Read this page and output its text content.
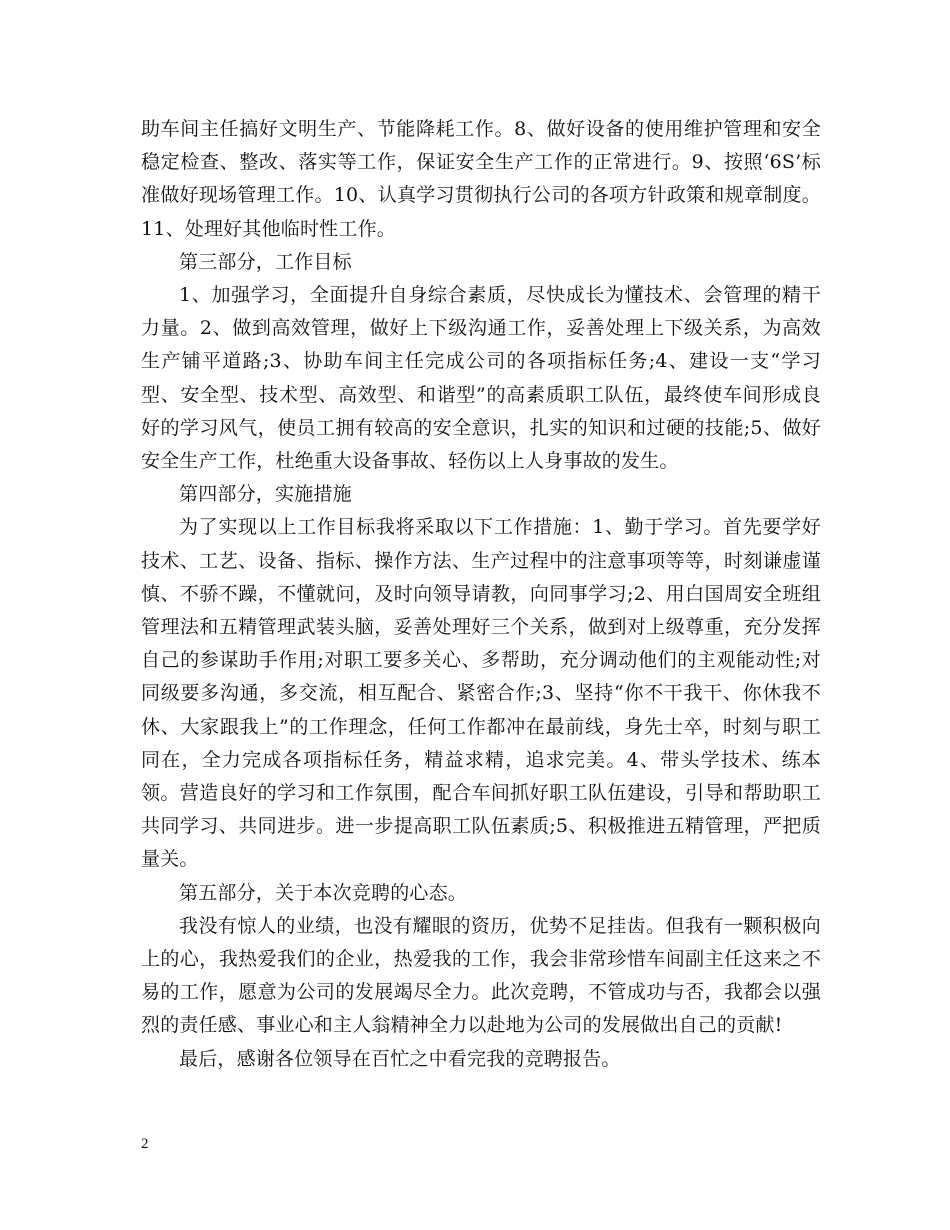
助车间主任搞好文明生产、节能降耗工作。8、做好设备的使用维护管理和安全稳定检查、整改、落实等工作，保证安全生产工作的正常进行。9、按照‘6S’标准做好现场管理工作。10、认真学习贯彻执行公司的各项方针政策和规章制度。11、处理好其他临时性工作。

第三部分，工作目标

1、加强学习，全面提升自身综合素质，尽快成长为懂技术、会管理的精干力量。2、做到高效管理，做好上下级沟通工作，妥善处理上下级关系，为高效生产铺平道路;3、协助车间主任完成公司的各项指标任务;4、建设一支“学习型、安全型、技术型、高效型、和谐型”的高素质职工队伍，最终使车间形成良好的学习风气，使员工拥有较高的安全意识，扎实的知识和过硬的技能;5、做好安全生产工作，杜绝重大设备事故、轻伤以上人身事故的发生。

第四部分，实施措施

为了实现以上工作目标我将采取以下工作措施：1、勤于学习。首先要学好技术、工艺、设备、指标、操作方法、生产过程中的注意事项等等，时刻谦虚谨慎、不骄不躁，不懂就问，及时向领导请教，向同事学习;2、用白国周安全班组管理法和五精管理武装头脑，妥善处理好三个关系，做到对上级尊重，充分发挥自己的参谋助手作用;对职工要多关心、多帮助，充分调动他们的主观能动性;对同级要多沟通，多交流，相互配合、紧密合作;3、坚持“你不干我干、你休我不休、大家跟我上”的工作理念，任何工作都冲在最前线，身先士卒，时刻与职工同在，全力完成各项指标任务，精益求精，追求完美。4、带头学技术、练本领。营造良好的学习和工作氛围，配合车间抓好职工队伍建设，引导和帮助职工共同学习、共同进步。进一步提高职工队伍素质;5、积极推进五精管理，严把质量关。

第五部分，关于本次竞聘的心态。

我没有惊人的业绩，也没有耀眼的资历，优势不足挂齿。但我有一颗积极向上的心，我热爱我们的企业，热爱我的工作，我会非常珍惜车间副主任这来之不易的工作，愿意为公司的发展竭尽全力。此次竞聘，不管成功与否，我都会以强烈的责任感、事业心和主人翁精神全力以赴地为公司的发展做出自己的贡献!

最后，感谢各位领导在百忙之中看完我的竞聘报告。

2
